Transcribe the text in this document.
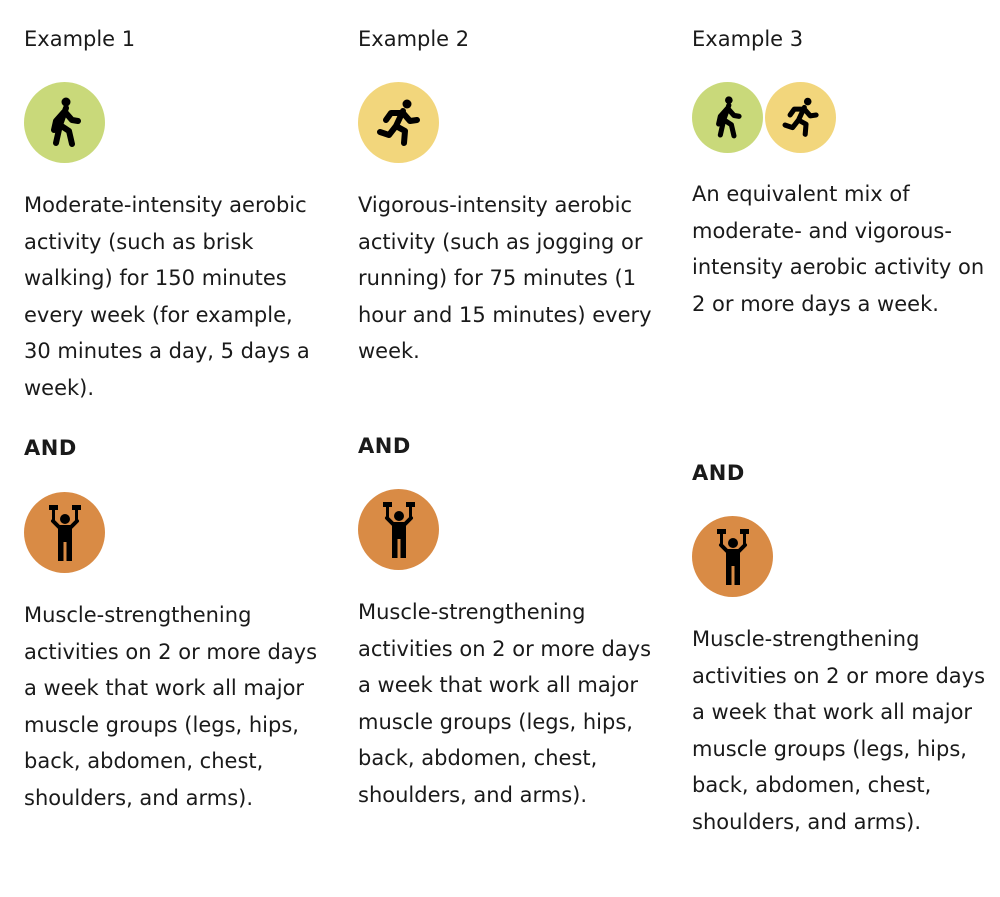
Example 1
Moderate-intensity aerobic activity (such as brisk walking) for 150 minutes every week (for example, 30 minutes a day, 5 days a week).
AND
Muscle-strengthening activities on 2 or more days a week that work all major muscle groups (legs, hips, back, abdomen, chest, shoulders, and arms).
Example 2
Vigorous-intensity aerobic activity (such as jogging or running) for 75 minutes (1 hour and 15 minutes) every week.
AND
Muscle-strengthening activities on 2 or more days a week that work all major muscle groups (legs, hips, back, abdomen, chest, shoulders, and arms).
Example 3
An equivalent mix of moderate- and vigorous-intensity aerobic activity on 2 or more days a week.
AND
Muscle-strengthening activities on 2 or more days a week that work all major muscle groups (legs, hips, back, abdomen, chest, shoulders, and arms).
